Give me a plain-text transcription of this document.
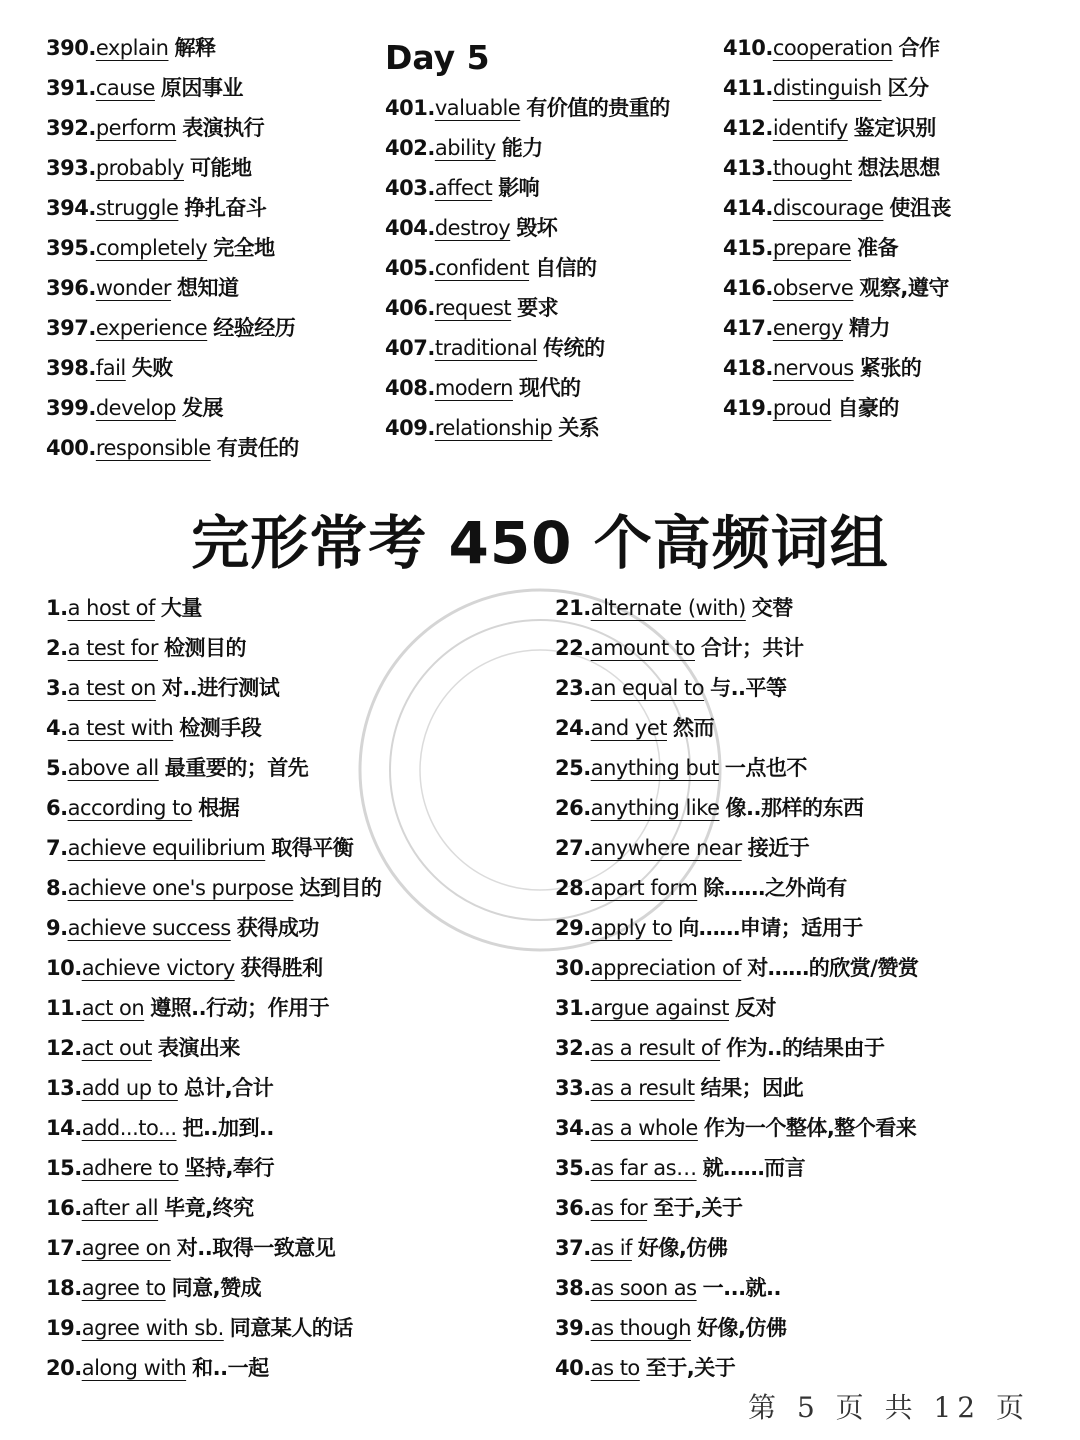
390.explain 解释
391.cause 原因事业
392.perform 表演执行
393.probably 可能地
394.struggle 挣扎奋斗
395.completely 完全地
396.wonder 想知道
397.experience 经验经历
398.fail 失败
399.develop 发展
400.responsible 有责任的
Day 5
401.valuable 有价值的贵重的
402.ability 能力
403.affect 影响
404.destroy 毁坏
405.confident 自信的
406.request 要求
407.traditional 传统的
408.modern 现代的
409.relationship 关系
410.cooperation 合作
411.distinguish 区分
412.identify 鉴定识别
413.thought 想法思想
414.discourage 使沮丧
415.prepare 准备
416.observe 观察,遵守
417.energy 精力
418.nervous 紧张的
419.proud 自豪的
完形常考 450 个高频词组
1.a host of 大量
2.a test for 检测目的
3.a test on 对..进行测试
4.a test with 检测手段
5.above all 最重要的；首先
6.according to 根据
7.achieve equilibrium 取得平衡
8.achieve one's purpose 达到目的
9.achieve success 获得成功
10.achieve victory 获得胜利
11.act on 遵照..行动；作用于
12.act out 表演出来
13.add up to 总计,合计
14.add...to... 把..加到..
15.adhere to 坚持,奉行
16.after all 毕竟,终究
17.agree on 对..取得一致意见
18.agree to 同意,赞成
19.agree with sb. 同意某人的话
20.along with 和..一起
21.alternate (with) 交替
22.amount to 合计；共计
23.an equal to 与..平等
24.and yet 然而
25.anything but 一点也不
26.anything like 像..那样的东西
27.anywhere near 接近于
28.apart form 除……之外尚有
29.apply to 向……申请；适用于
30.appreciation of 对……的欣赏/赞赏
31.argue against 反对
32.as a result of 作为..的结果由于
33.as a result 结果；因此
34.as a whole 作为一个整体,整个看来
35.as far as… 就……而言
36.as for 至于,关于
37.as if 好像,仿佛
38.as soon as 一...就..
39.as though 好像,仿佛
40.as to 至于,关于
第 5 页 共 12 页
